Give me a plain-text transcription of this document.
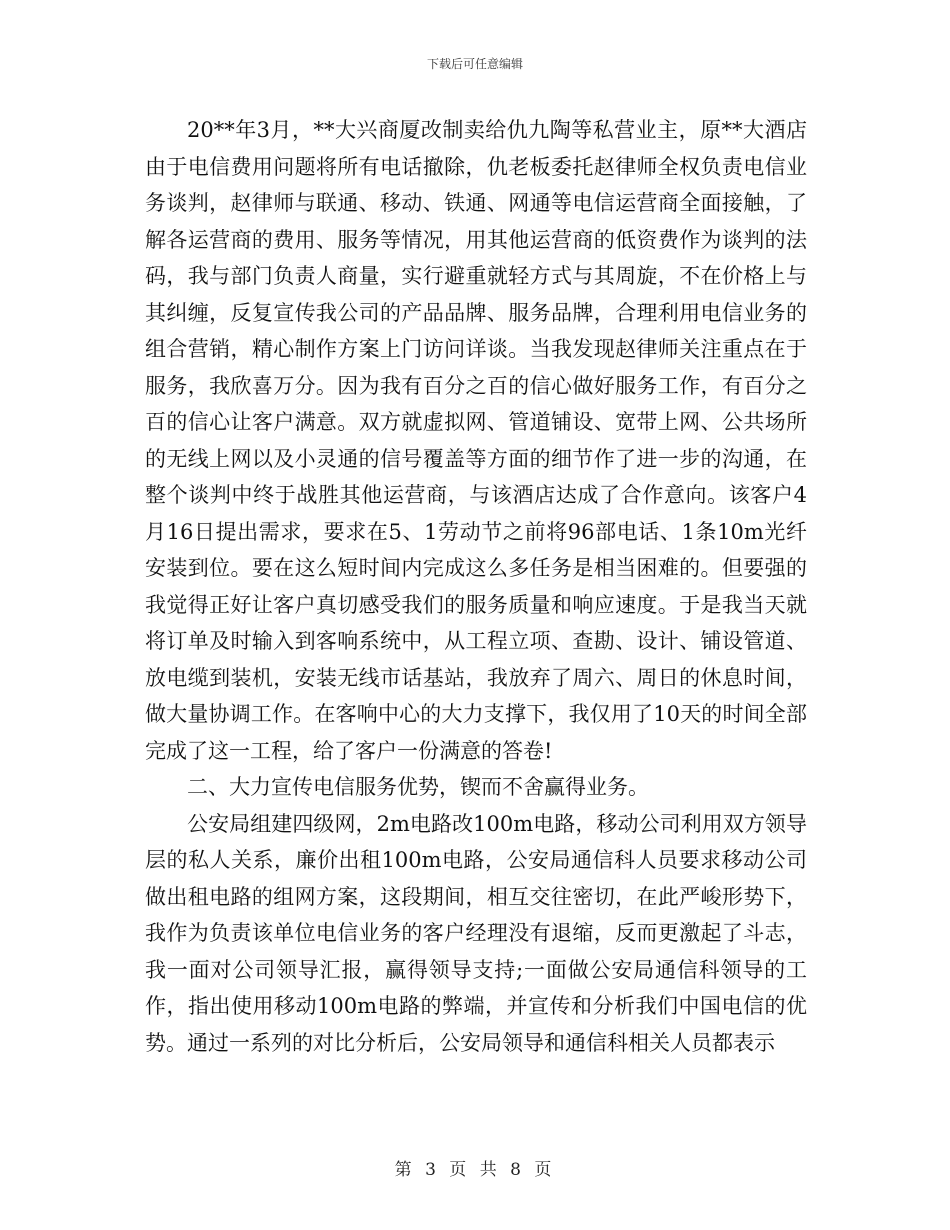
下载后可任意编辑

20**年3月，**大兴商厦改制卖给仇九陶等私营业主，原**大酒店由于电信费用问题将所有电话撤除，仇老板委托赵律师全权负责电信业务谈判，赵律师与联通、移动、铁通、网通等电信运营商全面接触，了解各运营商的费用、服务等情况，用其他运营商的低资费作为谈判的法码，我与部门负责人商量，实行避重就轻方式与其周旋，不在价格上与其纠缠，反复宣传我公司的产品品牌、服务品牌，合理利用电信业务的组合营销，精心制作方案上门访问详谈。当我发现赵律师关注重点在于服务，我欣喜万分。因为我有百分之百的信心做好服务工作，有百分之百的信心让客户满意。双方就虚拟网、管道铺设、宽带上网、公共场所的无线上网以及小灵通的信号覆盖等方面的细节作了进一步的沟通，在整个谈判中终于战胜其他运营商，与该酒店达成了合作意向。该客户4月16日提出需求，要求在5、1劳动节之前将96部电话、1条10m光纤安装到位。要在这么短时间内完成这么多任务是相当困难的。但要强的我觉得正好让客户真切感受我们的服务质量和响应速度。于是我当天就将订单及时输入到客响系统中，从工程立项、查勘、设计、铺设管道、放电缆到装机，安装无线市话基站，我放弃了周六、周日的休息时间，做大量协调工作。在客响中心的大力支撑下，我仅用了10天的时间全部完成了这一工程，给了客户一份满意的答卷!

二、大力宣传电信服务优势，锲而不舍赢得业务。

公安局组建四级网，2m电路改100m电路，移动公司利用双方领导层的私人关系，廉价出租100m电路，公安局通信科人员要求移动公司做出租电路的组网方案，这段期间，相互交往密切，在此严峻形势下，我作为负责该单位电信业务的客户经理没有退缩，反而更激起了斗志，我一面对公司领导汇报，赢得领导支持;一面做公安局通信科领导的工作，指出使用移动100m电路的弊端，并宣传和分析我们中国电信的优势。通过一系列的对比分析后，公安局领导和通信科相关人员都表示

第 3 页 共 8 页
